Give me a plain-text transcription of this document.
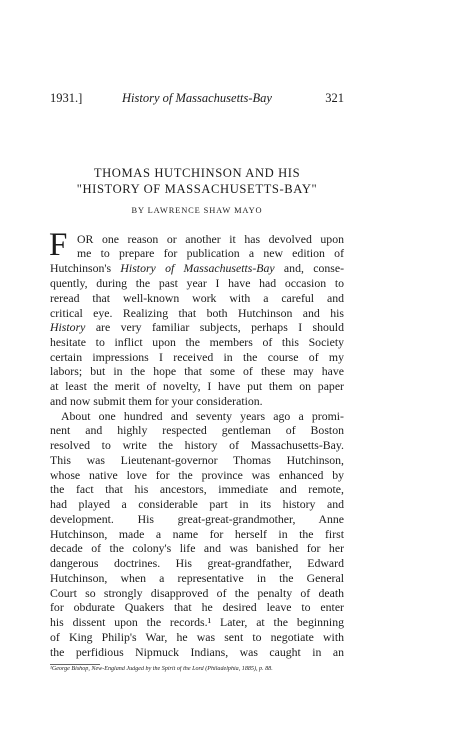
1931.]	History of Massachusetts-Bay	321
THOMAS HUTCHINSON AND HIS
"HISTORY OF MASSACHUSETTS-BAY"
BY LAWRENCE SHAW MAYO
F OR one reason or another it has devolved upon
me to prepare for publication a new edition of
Hutchinson's History of Massachusetts-Bay and, conse-
quently, during the past year I have had occasion to
reread that well-known work with a careful and
critical eye. Realizing that both Hutchinson and his
History are very familiar subjects, perhaps I should
hesitate to inflict upon the members of this Society
certain impressions I received in the course of my
labors; but in the hope that some of these may have
at least the merit of novelty, I have put them on paper
and now submit them for your consideration.
About one hundred and seventy years ago a promi-
nent and highly respected gentleman of Boston
resolved to write the history of Massachusetts-Bay.
This was Lieutenant-governor Thomas Hutchinson,
whose native love for the province was enhanced by
the fact that his ancestors, immediate and remote,
had played a considerable part in its history and
development. His great-great-grandmother, Anne
Hutchinson, made a name for herself in the first
decade of the colony's life and was banished for her
dangerous doctrines. His great-grandfather, Edward
Hutchinson, when a representative in the General
Court so strongly disapproved of the penalty of death
for obdurate Quakers that he desired leave to enter
his dissent upon the records.¹ Later, at the beginning
of King Philip's War, he was sent to negotiate with
the perfidious Nipmuck Indians, was caught in an
¹George Bishop, New-England Judged by the Spirit of the Lord (Philadelphia, 1885), p. 88.
